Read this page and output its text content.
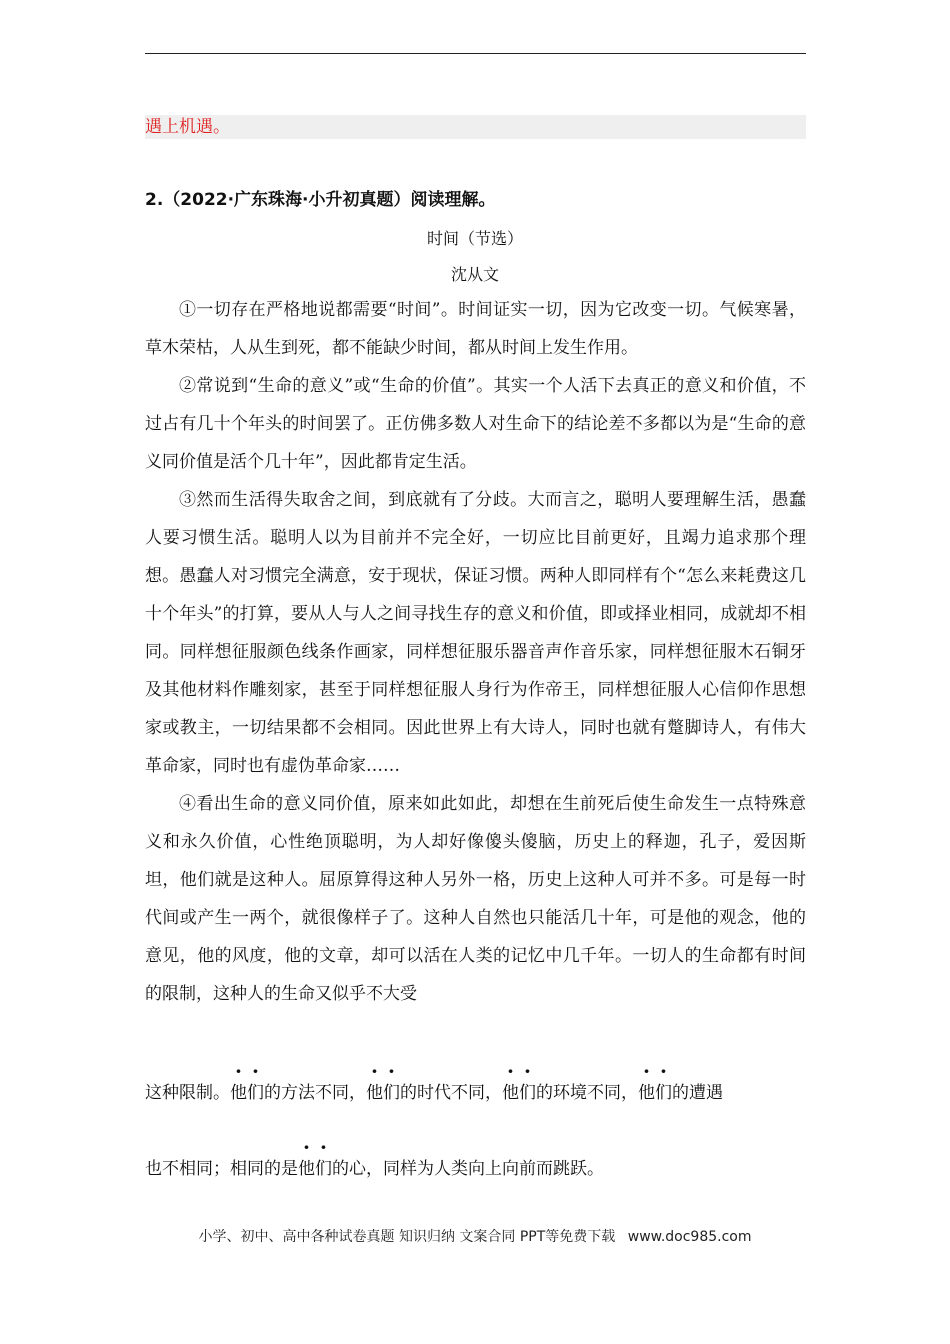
遇上机遇。
2.（2022·广东珠海·小升初真题）阅读理解。
时间（节选）
沈从文

①一切存在严格地说都需要“时间”。时间证实一切，因为它改变一切。气候寒暑，草木荣枯，人从生到死，都不能缺少时间，都从时间上发生作用。

②常说到“生命的意义”或“生命的价值”。其实一个人活下去真正的意义和价值，不过占有几十个年头的时间罢了。正仿佛多数人对生命下的结论差不多都以为是“生命的意义同价值是活个几十年”，因此都肯定生活。

③然而生活得失取舍之间，到底就有了分歧。大而言之，聪明人要理解生活，愚蠢人要习惯生活。聪明人以为目前并不完全好，一切应比目前更好，且竭力追求那个理想。愚蠢人对习惯完全满意，安于现状，保证习惯。两种人即同样有个“怎么来耗费这几十个年头”的打算，要从人与人之间寻找生存的意义和价值，即或择业相同，成就却不相同。同样想征服颜色线条作画家，同样想征服乐器音声作音乐家，同样想征服木石铜牙及其他材料作雕刻家，甚至于同样想征服人身行为作帝王，同样想征服人心信仰作思想家或教主，一切结果都不会相同。因此世界上有大诗人，同时也就有蹩脚诗人，有伟大革命家，同时也有虚伪革命家……

④看出生命的意义同价值，原来如此如此，却想在生前死后使生命发生一点特殊意义和永久价值，心性绝顶聪明，为人却好像傻头傻脑，历史上的释迦，孔子，爱因斯坦，他们就是这种人。屈原算得这种人另外一格，历史上这种人可并不多。可是每一时代间或产生一两个，就很像样子了。这种人自然也只能活几十年，可是他的观念，他的意见，他的风度，他的文章，却可以活在人类的记忆中几千年。一切人的生命都有时间的限制，这种人的生命又似乎不大受

这种限制。他们的方法不同，他们的时代不同，他们的环境不同，他们的遭遇

也不相同；相同的是他们的心，同样为人类向上向前而跳跃。

小学、初中、高中各种试卷真题 知识归纳 文案合同 PPT等免费下载 www.doc985.com
